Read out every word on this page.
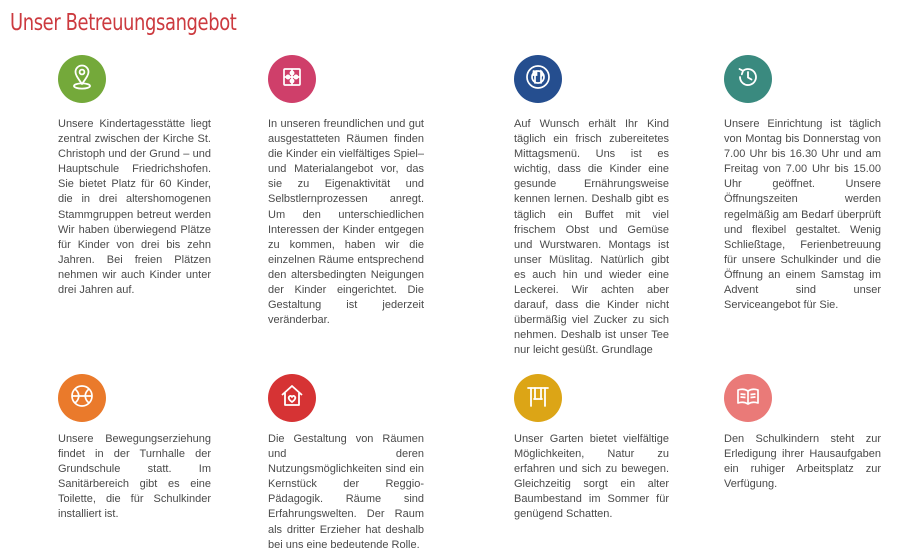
Unser Betreuungsangebot

Unsere Kindertagesstätte liegt zentral zwischen der Kirche St. Christoph und der Grund – und Hauptschule Friedrichshofen. Sie bietet Platz für 60 Kinder, die in drei altershomogenen Stammgruppen betreut werden Wir haben überwiegend Plätze für Kinder von drei bis zehn Jahren. Bei freien Plätzen nehmen wir auch Kinder unter drei Jahren auf.

In unseren freundlichen und gut ausgestatteten Räumen finden die Kinder ein vielfältiges Spiel– und Materialangebot vor, das sie zu Eigenaktivität und Selbstlernprozessen anregt. Um den unterschiedlichen Interessen der Kinder entgegen zu kommen, haben wir die einzelnen Räume entsprechend den altersbedingten Neigungen der Kinder eingerichtet. Die Gestaltung ist jederzeit veränderbar.

Auf Wunsch erhält Ihr Kind täglich ein frisch zubereitetes Mittagsmenü. Uns ist es wichtig, dass die Kinder eine gesunde Ernährungsweise kennen lernen. Deshalb gibt es täglich ein Buffet mit viel frischem Obst und Gemüse und Wurstwaren. Montags ist unser Müslitag. Natürlich gibt es auch hin und wieder eine Leckerei. Wir achten aber darauf, dass die Kinder nicht übermäßig viel Zucker zu sich nehmen. Deshalb ist unser Tee nur leicht gesüßt. Grundlage

Unsere Einrichtung ist täglich von Montag bis Donnerstag von 7.00 Uhr bis 16.30 Uhr und am Freitag von 7.00 Uhr bis 15.00 Uhr geöffnet. Unsere Öffnungszeiten werden regelmäßig am Bedarf überprüft und flexibel gestaltet. Wenig Schließtage, Ferienbetreuung für unsere Schulkinder und die Öffnung an einem Samstag im Advent sind unser Serviceangebot für Sie.

Unsere Bewegungserziehung findet in der Turnhalle der Grundschule statt. Im Sanitärbereich gibt es eine Toilette, die für Schulkinder installiert ist.

Die Gestaltung von Räumen und deren Nutzungsmöglichkeiten sind ein Kernstück der Reggio-Pädagogik. Räume sind Erfahrungswelten. Der Raum als dritter Erzieher hat deshalb bei uns eine bedeutende Rolle.

Unser Garten bietet vielfältige Möglichkeiten, Natur zu erfahren und sich zu bewegen. Gleichzeitig sorgt ein alter Baumbestand im Sommer für genügend Schatten.

Den Schulkindern steht zur Erledigung ihrer Hausaufgaben ein ruhiger Arbeitsplatz zur Verfügung.
